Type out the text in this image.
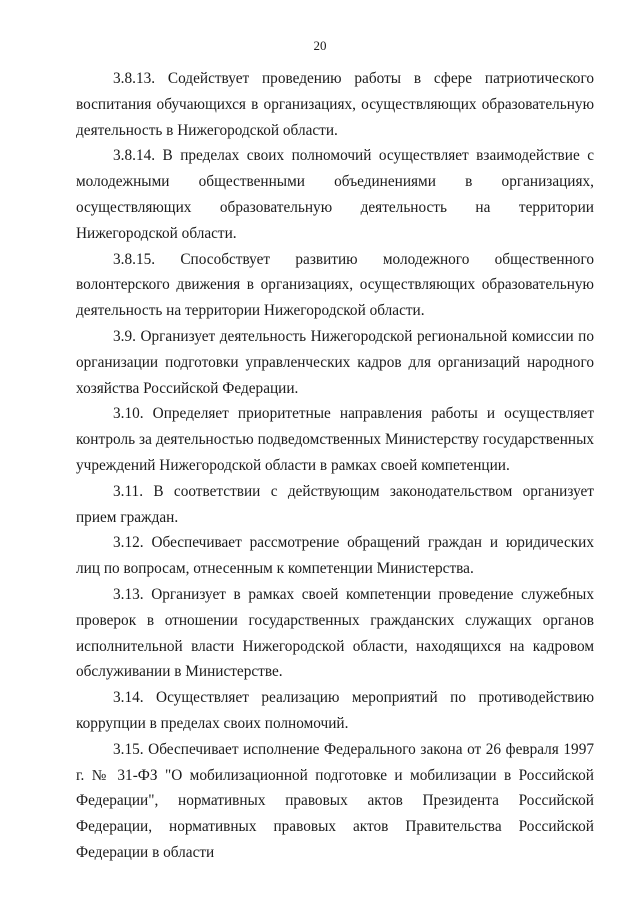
20

3.8.13. Содействует проведению работы в сфере патриотического воспитания обучающихся в организациях, осуществляющих образовательную деятельность в Нижегородской области.

3.8.14. В пределах своих полномочий осуществляет взаимодействие с молодежными общественными объединениями в организациях, осуществляющих образовательную деятельность на территории Нижегородской области.

3.8.15. Способствует развитию молодежного общественного волонтерского движения в организациях, осуществляющих образовательную деятельность на территории Нижегородской области.

3.9. Организует деятельность Нижегородской региональной комиссии по организации подготовки управленческих кадров для организаций народного хозяйства Российской Федерации.

3.10. Определяет приоритетные направления работы и осуществляет контроль за деятельностью подведомственных Министерству государственных учреждений Нижегородской области в рамках своей компетенции.

3.11. В соответствии с действующим законодательством организует прием граждан.

3.12. Обеспечивает рассмотрение обращений граждан и юридических лиц по вопросам, отнесенным к компетенции Министерства.

3.13. Организует в рамках своей компетенции проведение служебных проверок в отношении государственных гражданских служащих органов исполнительной власти Нижегородской области, находящихся на кадровом обслуживании в Министерстве.

3.14. Осуществляет реализацию мероприятий по противодействию коррупции в пределах своих полномочий.

3.15. Обеспечивает исполнение Федерального закона от 26 февраля 1997 г. № 31-ФЗ "О мобилизационной подготовке и мобилизации в Российской Федерации", нормативных правовых актов Президента Российской Федерации, нормативных правовых актов Правительства Российской Федерации в области
